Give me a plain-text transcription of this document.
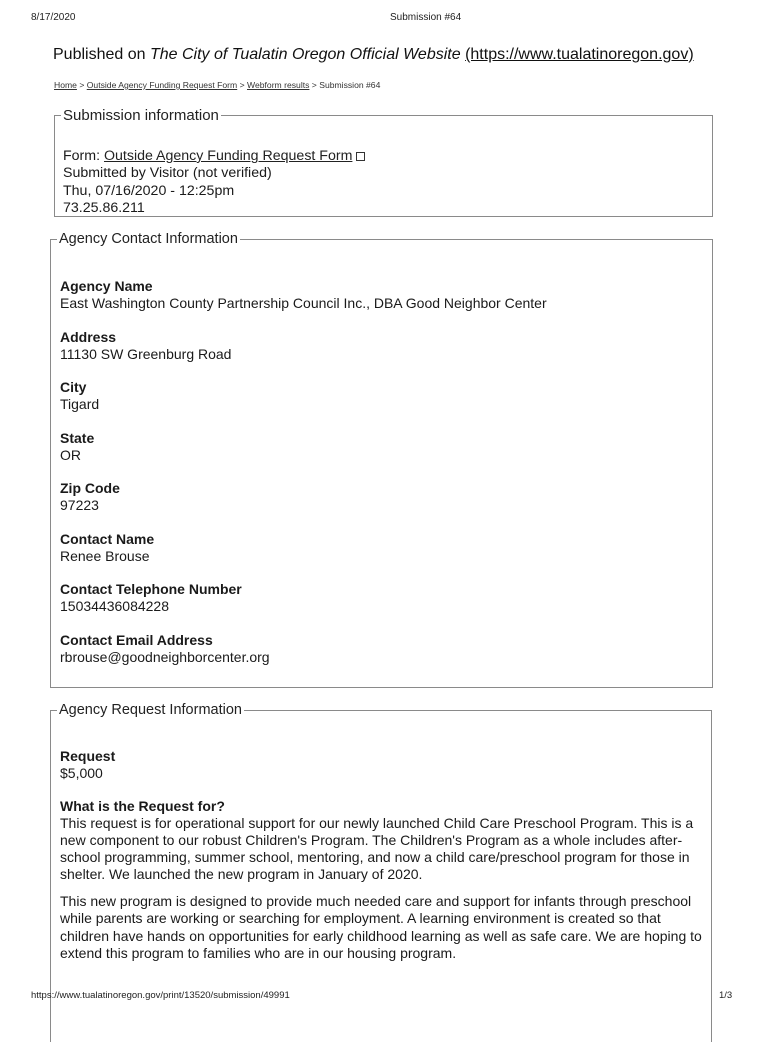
8/17/2020	Submission #64
Published on The City of Tualatin Oregon Official Website (https://www.tualatinoregon.gov)
Home > Outside Agency Funding Request Form > Webform results > Submission #64
Submission information
Form: Outside Agency Funding Request Form
Submitted by Visitor (not verified)
Thu, 07/16/2020 - 12:25pm
73.25.86.211
Agency Contact Information
Agency Name
East Washington County Partnership Council Inc., DBA Good Neighbor Center
Address
11130 SW Greenburg Road
City
Tigard
State
OR
Zip Code
97223
Contact Name
Renee Brouse
Contact Telephone Number
15034436084228
Contact Email Address
rbrouse@goodneighborcenter.org
Agency Request Information
Request
$5,000
What is the Request for?

This request is for operational support for our newly launched Child Care Preschool Program. This is a new component to our robust Children's Program. The Children's Program as a whole includes after-school programming, summer school, mentoring, and now a child care/preschool program for those in shelter. We launched the new program in January of 2020.

This new program is designed to provide much needed care and support for infants through preschool while parents are working or searching for employment. A learning environment is created so that children have hands on opportunities for early childhood learning as well as safe care. We are hoping to extend this program to families who are in our housing program.

https://www.tualatinoregon.gov/print/13520/submission/49991	1/3
